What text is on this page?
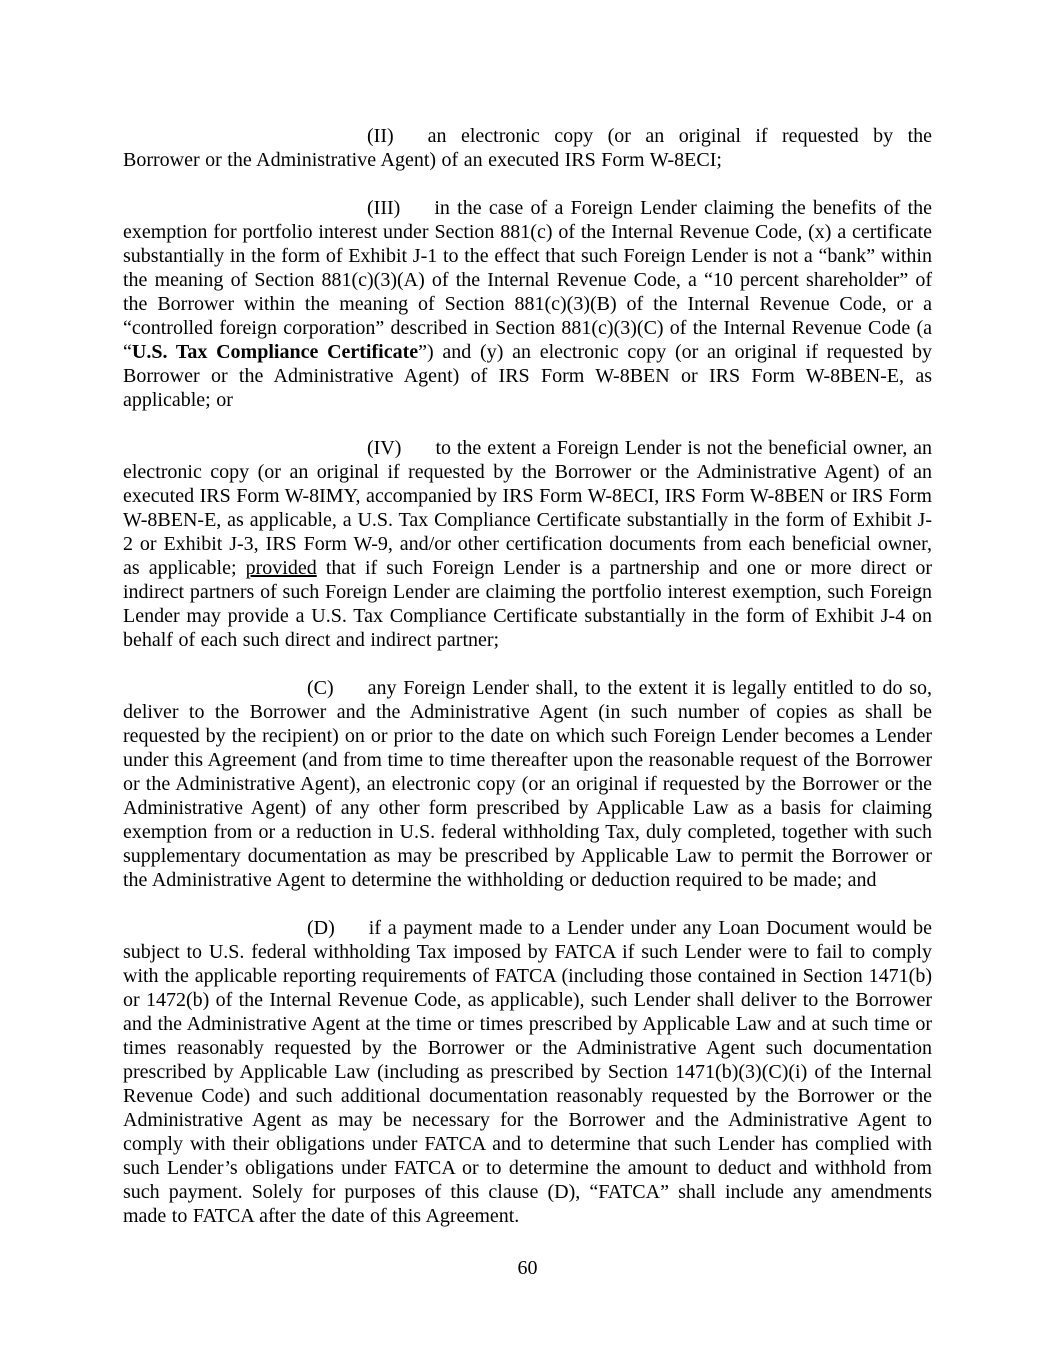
(II) an electronic copy (or an original if requested by the Borrower or the Administrative Agent) of an executed IRS Form W-8ECI;

(III) in the case of a Foreign Lender claiming the benefits of the exemption for portfolio interest under Section 881(c) of the Internal Revenue Code, (x) a certificate substantially in the form of Exhibit J-1 to the effect that such Foreign Lender is not a “bank” within the meaning of Section 881(c)(3)(A) of the Internal Revenue Code, a “10 percent shareholder” of the Borrower within the meaning of Section 881(c)(3)(B) of the Internal Revenue Code, or a “controlled foreign corporation” described in Section 881(c)(3)(C) of the Internal Revenue Code (a “U.S. Tax Compliance Certificate”) and (y) an electronic copy (or an original if requested by Borrower or the Administrative Agent) of IRS Form W-8BEN or IRS Form W-8BEN-E, as applicable; or

(IV) to the extent a Foreign Lender is not the beneficial owner, an electronic copy (or an original if requested by the Borrower or the Administrative Agent) of an executed IRS Form W-8IMY, accompanied by IRS Form W-8ECI, IRS Form W-8BEN or IRS Form W-8BEN-E, as applicable, a U.S. Tax Compliance Certificate substantially in the form of Exhibit J-2 or Exhibit J-3, IRS Form W-9, and/or other certification documents from each beneficial owner, as applicable; provided that if such Foreign Lender is a partnership and one or more direct or indirect partners of such Foreign Lender are claiming the portfolio interest exemption, such Foreign Lender may provide a U.S. Tax Compliance Certificate substantially in the form of Exhibit J-4 on behalf of each such direct and indirect partner;

(C) any Foreign Lender shall, to the extent it is legally entitled to do so, deliver to the Borrower and the Administrative Agent (in such number of copies as shall be requested by the recipient) on or prior to the date on which such Foreign Lender becomes a Lender under this Agreement (and from time to time thereafter upon the reasonable request of the Borrower or the Administrative Agent), an electronic copy (or an original if requested by the Borrower or the Administrative Agent) of any other form prescribed by Applicable Law as a basis for claiming exemption from or a reduction in U.S. federal withholding Tax, duly completed, together with such supplementary documentation as may be prescribed by Applicable Law to permit the Borrower or the Administrative Agent to determine the withholding or deduction required to be made; and

(D) if a payment made to a Lender under any Loan Document would be subject to U.S. federal withholding Tax imposed by FATCA if such Lender were to fail to comply with the applicable reporting requirements of FATCA (including those contained in Section 1471(b) or 1472(b) of the Internal Revenue Code, as applicable), such Lender shall deliver to the Borrower and the Administrative Agent at the time or times prescribed by Applicable Law and at such time or times reasonably requested by the Borrower or the Administrative Agent such documentation prescribed by Applicable Law (including as prescribed by Section 1471(b)(3)(C)(i) of the Internal Revenue Code) and such additional documentation reasonably requested by the Borrower or the Administrative Agent as may be necessary for the Borrower and the Administrative Agent to comply with their obligations under FATCA and to determine that such Lender has complied with such Lender’s obligations under FATCA or to determine the amount to deduct and withhold from such payment. Solely for purposes of this clause (D), “FATCA” shall include any amendments made to FATCA after the date of this Agreement.

60
